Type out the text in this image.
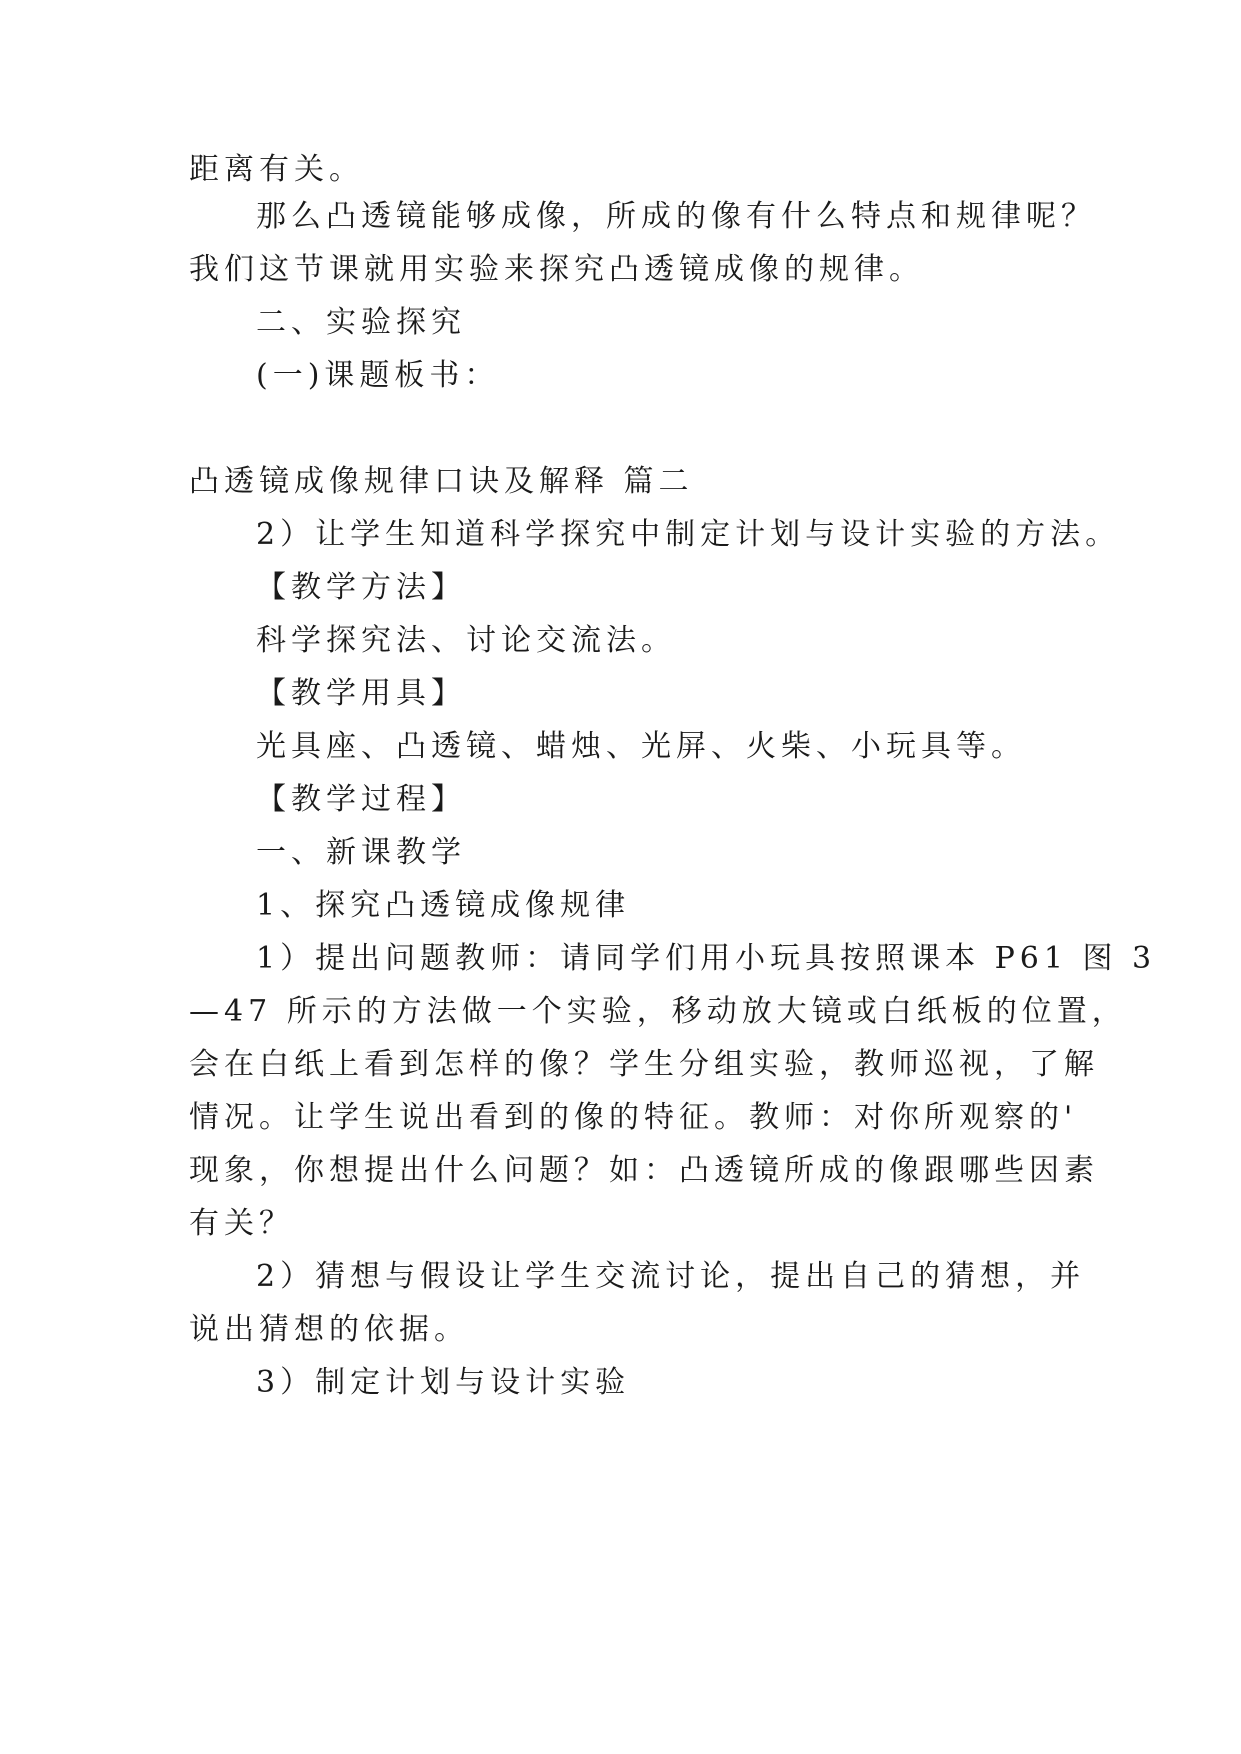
距离有关。
那么凸透镜能够成像，所成的像有什么特点和规律呢？
我们这节课就用实验来探究凸透镜成像的规律。
二、实验探究
(一)课题板书：
凸透镜成像规律口诀及解释 篇二
2）让学生知道科学探究中制定计划与设计实验的方法。
【教学方法】
科学探究法、讨论交流法。
【教学用具】
光具座、凸透镜、蜡烛、光屏、火柴、小玩具等。
【教学过程】
一、新课教学
1、探究凸透镜成像规律
1）提出问题教师：请同学们用小玩具按照课本 P61 图 3
—47 所示的方法做一个实验，移动放大镜或白纸板的位置，
会在白纸上看到怎样的像？学生分组实验，教师巡视，了解
情况。让学生说出看到的像的特征。教师：对你所观察的'
现象，你想提出什么问题？如：凸透镜所成的像跟哪些因素
有关？
2）猜想与假设让学生交流讨论，提出自己的猜想，并
说出猜想的依据。
3）制定计划与设计实验
